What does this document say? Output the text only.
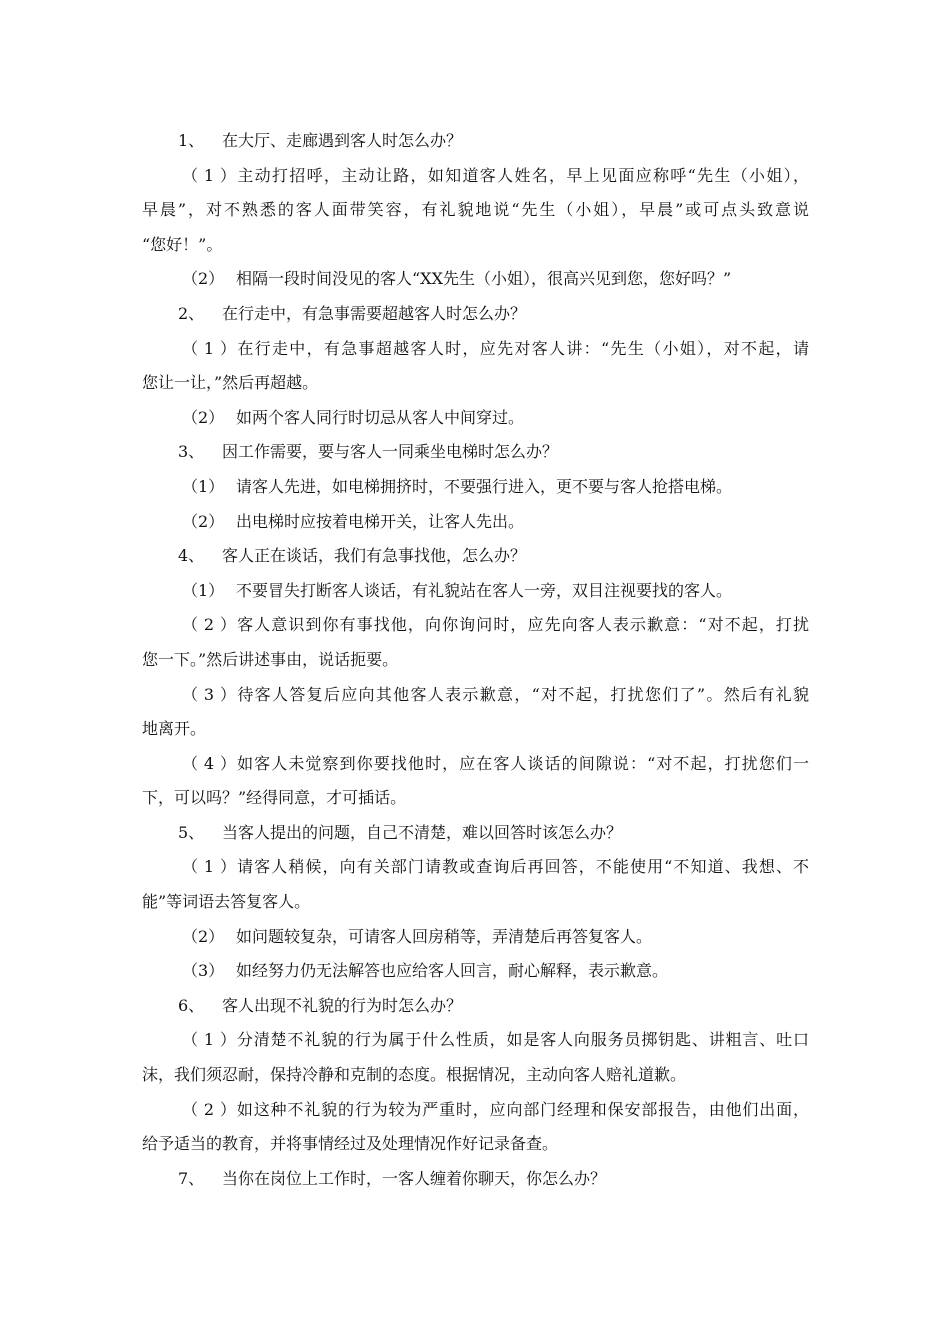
1、 在大厅、走廊遇到客人时怎么办？
（1）主动打招呼，主动让路，如知道客人姓名，早上见面应称呼“先生（小姐），
早晨”，对不熟悉的客人面带笑容，有礼貌地说“先生（小姐），早晨”或可点头致意说
“您好！”。
（2） 相隔一段时间没见的客人“XX先生（小姐），很高兴见到您，您好吗？”
2、 在行走中，有急事需要超越客人时怎么办？
（1）在行走中，有急事超越客人时，应先对客人讲：“先生（小姐），对不起，请
您让一让，”然后再超越。
（2） 如两个客人同行时切忌从客人中间穿过。
3、 因工作需要，要与客人一同乘坐电梯时怎么办？
（1） 请客人先进，如电梯拥挤时，不要强行进入，更不要与客人抢搭电梯。
（2） 出电梯时应按着电梯开关，让客人先出。
4、 客人正在谈话，我们有急事找他，怎么办？
（1） 不要冒失打断客人谈话，有礼貌站在客人一旁，双目注视要找的客人。
（2）客人意识到你有事找他，向你询问时，应先向客人表示歉意：“对不起，打扰
您一下。”然后讲述事由，说话扼要。
（3）待客人答复后应向其他客人表示歉意，“对不起，打扰您们了”。然后有礼貌
地离开。
（4）如客人未觉察到你要找他时，应在客人谈话的间隙说：“对不起，打扰您们一
下，可以吗？”经得同意，才可插话。
5、 当客人提出的问题，自己不清楚，难以回答时该怎么办？
（1）请客人稍候，向有关部门请教或查询后再回答，不能使用“不知道、我想、不
能”等词语去答复客人。
（2） 如问题较复杂，可请客人回房稍等，弄清楚后再答复客人。
（3） 如经努力仍无法解答也应给客人回言，耐心解释，表示歉意。
6、 客人出现不礼貌的行为时怎么办？
（1）分清楚不礼貌的行为属于什么性质，如是客人向服务员掷钥匙、讲粗言、吐口
沫，我们须忍耐，保持冷静和克制的态度。根据情况，主动向客人赔礼道歉。
（2）如这种不礼貌的行为较为严重时，应向部门经理和保安部报告，由他们出面，
给予适当的教育，并将事情经过及处理情况作好记录备查。
7、 当你在岗位上工作时，一客人缠着你聊天，你怎么办？
